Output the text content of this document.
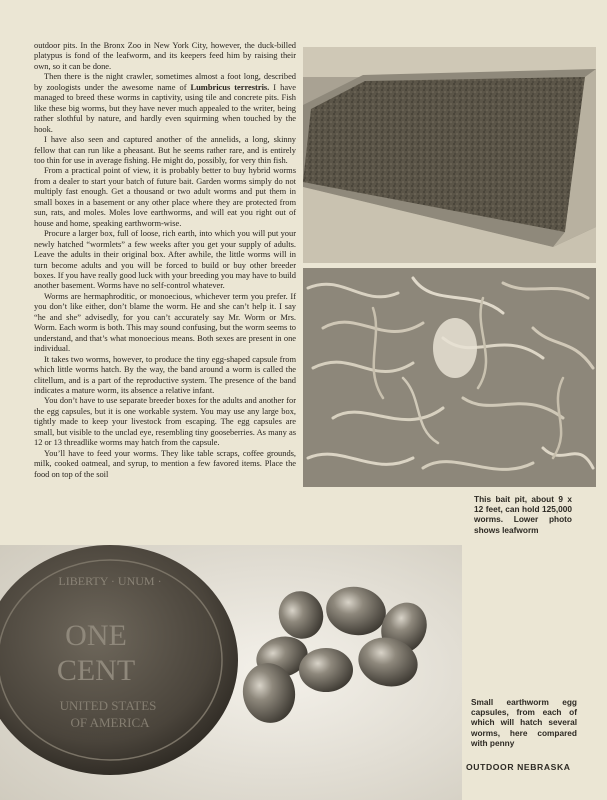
outdoor pits. In the Bronx Zoo in New York City, however, the duck-billed platypus is fond of the leafworm, and its keepers feed him by raising their own, so it can be done.

Then there is the night crawler, sometimes almost a foot long, described by zoologists under the awesome name of Lumbricus terrestris. I have managed to breed these worms in captivity, using tile and concrete pits. Fish like these big worms, but they have never much appealed to the writer, being rather slothful by nature, and hardly even squirming when touched by the hook.

I have also seen and captured another of the annelids, a long, skinny fellow that can run like a pheasant. But he seems rather rare, and is entirely too thin for use in average fishing. He might do, possibly, for very thin fish.

From a practical point of view, it is probably better to buy hybrid worms from a dealer to start your batch of future bait. Garden worms simply do not multiply fast enough. Get a thousand or two adult worms and put them in small boxes in a basement or any other place where they are protected from sun, rats, and moles. Moles love earthworms, and will eat you right out of house and home, speaking earthworm-wise.

Procure a larger box, full of loose, rich earth, into which you will put your newly hatched “wormlets” a few weeks after you get your supply of adults. Leave the adults in their original box. After awhile, the little worms will in turn become adults and you will be forced to build or buy other breeder boxes. If you have really good luck with your breeding you may have to build another basement. Worms have no self-control whatever.

Worms are hermaphroditic, or monoecious, whichever term you prefer. If you don’t like either, don’t blame the worm. He and she can’t help it. I say “he and she” advisedly, for you can’t accurately say Mr. Worm or Mrs. Worm. Each worm is both. This may sound confusing, but the worm seems to understand, and that’s what monoecious means. Both sexes are present in one individual.

It takes two worms, however, to produce the tiny egg-shaped capsule from which little worms hatch. By the way, the band around a worm is called the clitellum, and is a part of the reproductive system. The presence of the band indicates a mature worm, its absence a relative infant.

You don’t have to use separate breeder boxes for the adults and another for the egg capsules, but it is one workable system. You may use any large box, tightly made to keep your livestock from escaping. The egg capsules are small, but visible to the unclad eye, resembling tiny gooseberries. As many as 12 or 13 threadlike worms may hatch from the capsule.

You’ll have to feed your worms. They like table scraps, coffee grounds, milk, cooked oatmeal, and syrup, to mention a few favored items. Place the food on top of the soil

This bait pit, about 9 x 12 feet, can hold 125,000 worms. Lower photo shows leafworm
LIBERTY · UNUM ·
ONE
CENT
UNITED STATES
OF AMERICA
Small earthworm egg capsules, from each of which will hatch several worms, here compared with penny
OUTDOOR NEBRASKA
